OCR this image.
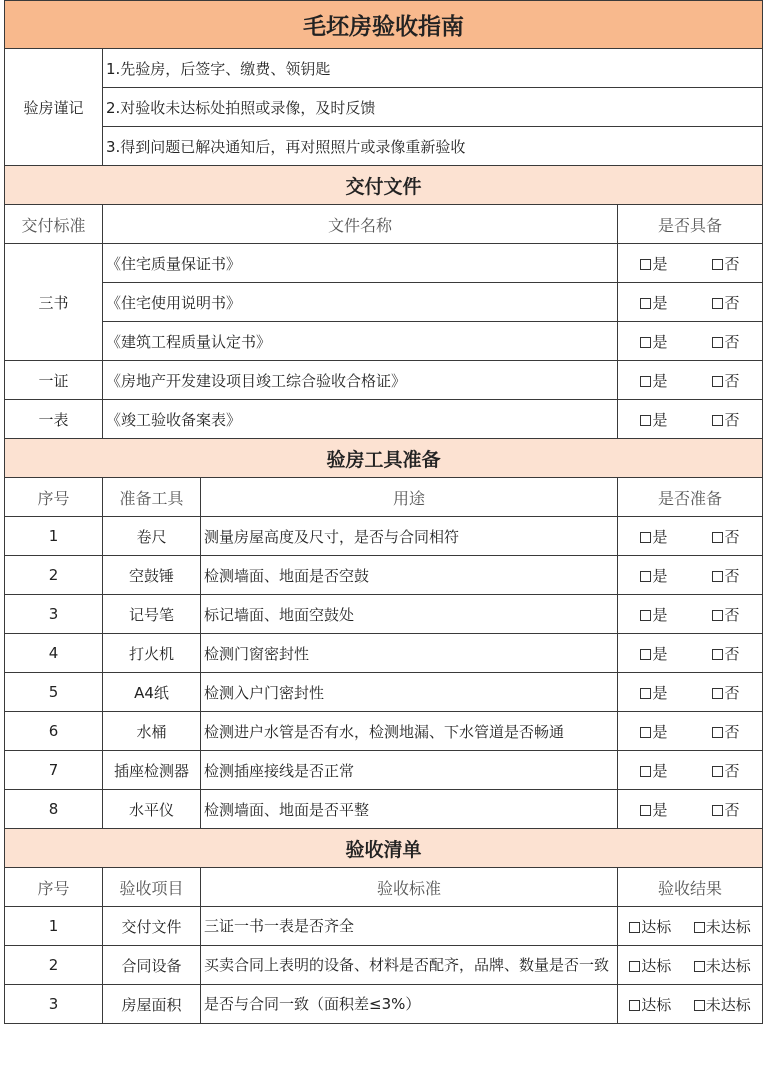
毛坯房验收指南			
验房谨记	1.先验房，后签字、缴费、领钥匙		
	2.对验收未达标处拍照或录像，及时反馈		
	3.得到问题已解决通知后，再对照照片或录像重新验收		
交付文件			
交付标准	文件名称		是否具备
三书	《住宅质量保证书》		是 否

	《住宅使用说明书》		是 否

	《建筑工程质量认定书》		是 否

一证	《房地产开发建设项目竣工综合验收合格证》		是 否

一表	《竣工验收备案表》		是 否

验房工具准备			
序号	准备工具	用途	是否准备
1	卷尺	测量房屋高度及尺寸，是否与合同相符	是 否

2	空鼓锤	检测墙面、地面是否空鼓	是 否

3	记号笔	标记墙面、地面空鼓处	是 否

4	打火机	检测门窗密封性	是 否

5	A4纸	检测入户门密封性	是 否

6	水桶	检测进户水管是否有水，检测地漏、下水管道是否畅通	是 否

7	插座检测器	检测插座接线是否正常	是 否

8	水平仪	检测墙面、地面是否平整	是 否

验收清单			
序号	验收项目	验收标准	验收结果
1	交付文件	三证一书一表是否齐全	达标 未达标

2	合同设备	买卖合同上表明的设备、材料是否配齐，品牌、数量是否一致	达标 未达标

3	房屋面积	是否与合同一致（面积差≤3%）	达标 未达标
